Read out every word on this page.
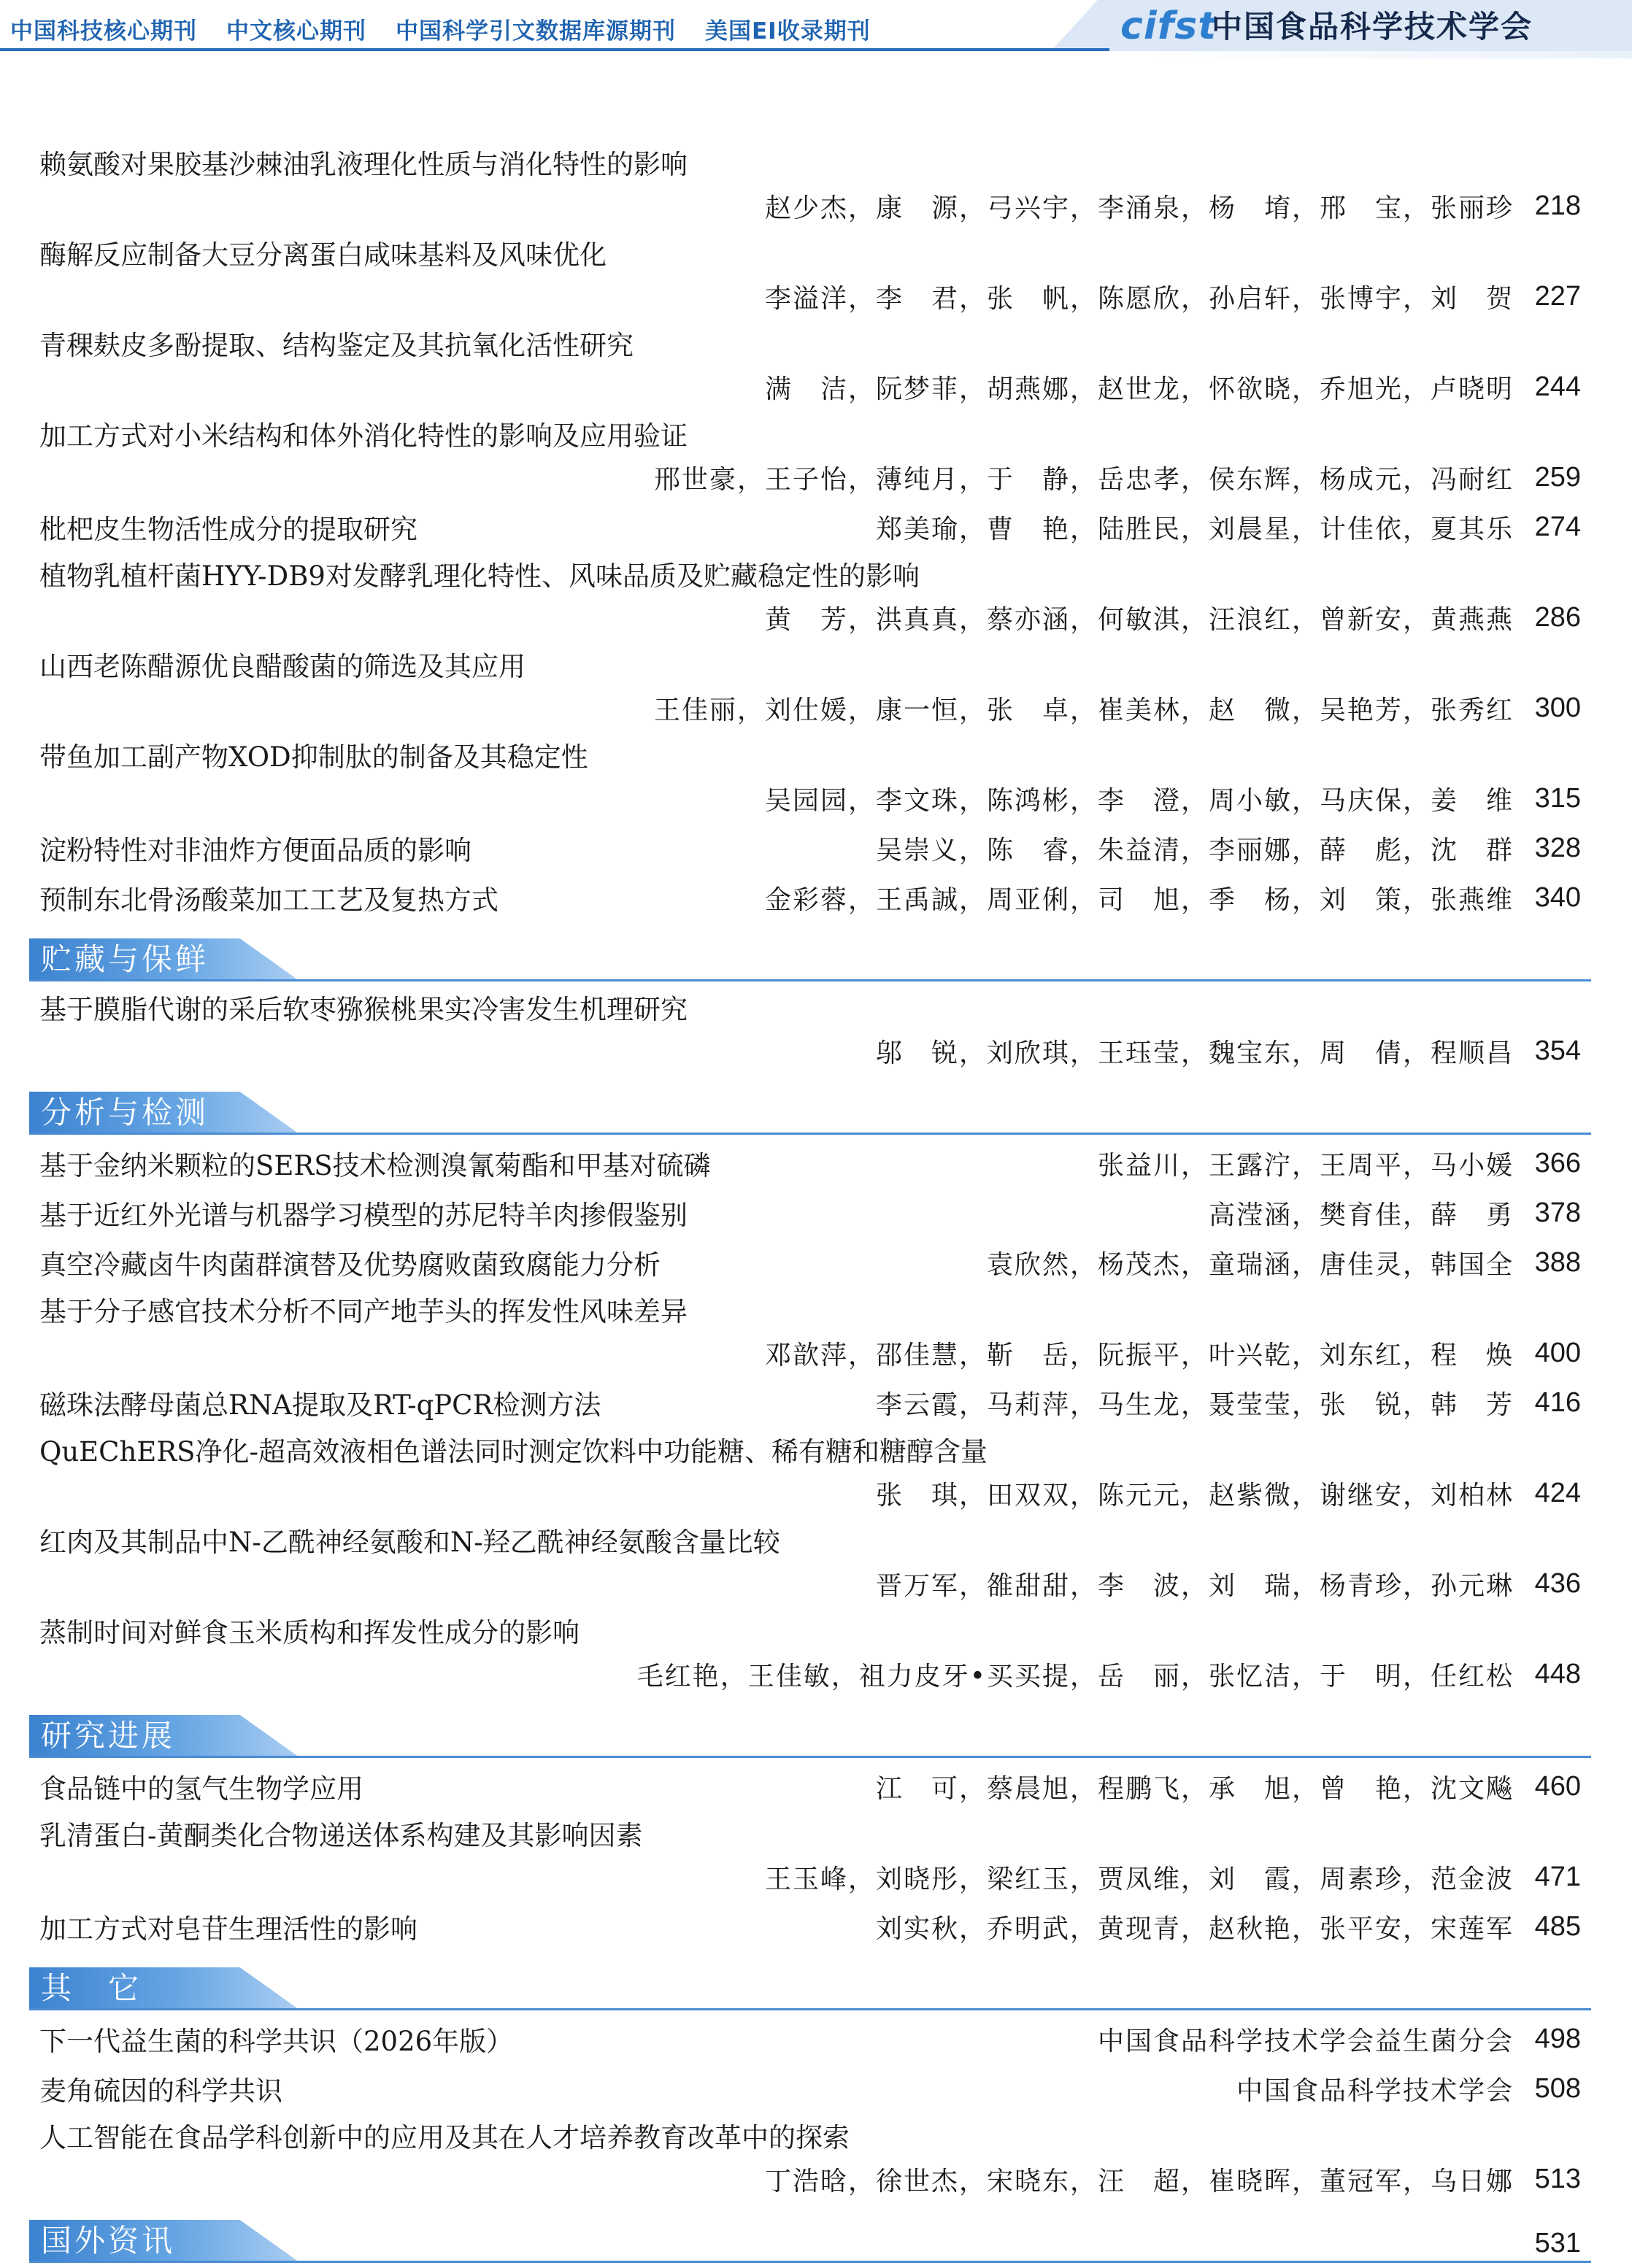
中国科技核心期刊 中文核心期刊 中国科学引文数据库源期刊 美国EI收录期刊	cifst
中国食品科学技术学会
赖氨酸对果胶基沙棘油乳液理化性质与消化特性的影响
赵少杰，康　源，弓兴宇，李涌泉，杨　堉，邢　宝，张丽珍 218
酶解反应制备大豆分离蛋白咸味基料及风味优化
李溢洋，李　君，张　帆，陈愿欣，孙启轩，张博宇，刘　贺 227
青稞麸皮多酚提取、结构鉴定及其抗氧化活性研究
满　洁，阮梦菲，胡燕娜，赵世龙，怀欲晓，乔旭光，卢晓明 244
加工方式对小米结构和体外消化特性的影响及应用验证
邢世豪，王子怡，薄纯月，于　静，岳忠孝，侯东辉，杨成元，冯耐红 259
枇杷皮生物活性成分的提取研究	郑美瑜，曹　艳，陆胜民，刘晨星，计佳依，夏其乐 274
植物乳植杆菌HYY-DB9对发酵乳理化特性、风味品质及贮藏稳定性的影响
黄　芳，洪真真，蔡亦涵，何敏淇，汪浪红，曾新安，黄燕燕 286
山西老陈醋源优良醋酸菌的筛选及其应用
王佳丽，刘仕媛，康一恒，张　卓，崔美林，赵　微，吴艳芳，张秀红 300
带鱼加工副产物XOD抑制肽的制备及其稳定性
吴园园，李文珠，陈鸿彬，李　澄，周小敏，马庆保，姜　维 315
淀粉特性对非油炸方便面品质的影响	吴崇义，陈　睿，朱益清，李丽娜，薛　彪，沈　群 328
预制东北骨汤酸菜加工工艺及复热方式	金彩蓉，王禹誠，周亚俐，司　旭，季　杨，刘　策，张燕维 340
贮藏与保鲜
基于膜脂代谢的采后软枣猕猴桃果实冷害发生机理研究
邬　锐，刘欣琪，王珏莹，魏宝东，周　倩，程顺昌 354
分析与检测
基于金纳米颗粒的SERS技术检测溴氰菊酯和甲基对硫磷	张益川，王露泞，王周平，马小媛 366
基于近红外光谱与机器学习模型的苏尼特羊肉掺假鉴别	高滢涵，樊育佳，薛　勇 378
真空冷藏卤牛肉菌群演替及优势腐败菌致腐能力分析	袁欣然，杨茂杰，童瑞涵，唐佳灵，韩国全 388
基于分子感官技术分析不同产地芋头的挥发性风味差异
邓歆萍，邵佳慧，靳　岳，阮振平，叶兴乾，刘东红，程　焕 400
磁珠法酵母菌总RNA提取及RT-qPCR检测方法	李云霞，马莉萍，马生龙，聂莹莹，张　锐，韩　芳 416
QuEChERS净化-超高效液相色谱法同时测定饮料中功能糖、稀有糖和糖醇含量
张　琪，田双双，陈元元，赵紫微，谢继安，刘柏林 424
红肉及其制品中N-乙酰神经氨酸和N-羟乙酰神经氨酸含量比较
晋万军，雒甜甜，李　波，刘　瑞，杨青珍，孙元琳 436
蒸制时间对鲜食玉米质构和挥发性成分的影响
毛红艳，王佳敏，祖力皮牙•买买提，岳　丽，张忆洁，于　明，任红松 448
研究进展
食品链中的氢气生物学应用	江　可，蔡晨旭，程鹏飞，承　旭，曾　艳，沈文飚 460
乳清蛋白-黄酮类化合物递送体系构建及其影响因素
王玉峰，刘晓彤，梁红玉，贾凤维，刘　霞，周素珍，范金波 471
加工方式对皂苷生理活性的影响	刘实秋，乔明武，黄现青，赵秋艳，张平安，宋莲军 485
其　它
下一代益生菌的科学共识（2026年版）	中国食品科学技术学会益生菌分会 498
麦角硫因的科学共识	中国食品科学技术学会 508
人工智能在食品学科创新中的应用及其在人才培养教育改革中的探索
丁浩晗，徐世杰，宋晓东，汪　超，崔晓晖，董冠军，乌日娜 513
国外资讯	531
